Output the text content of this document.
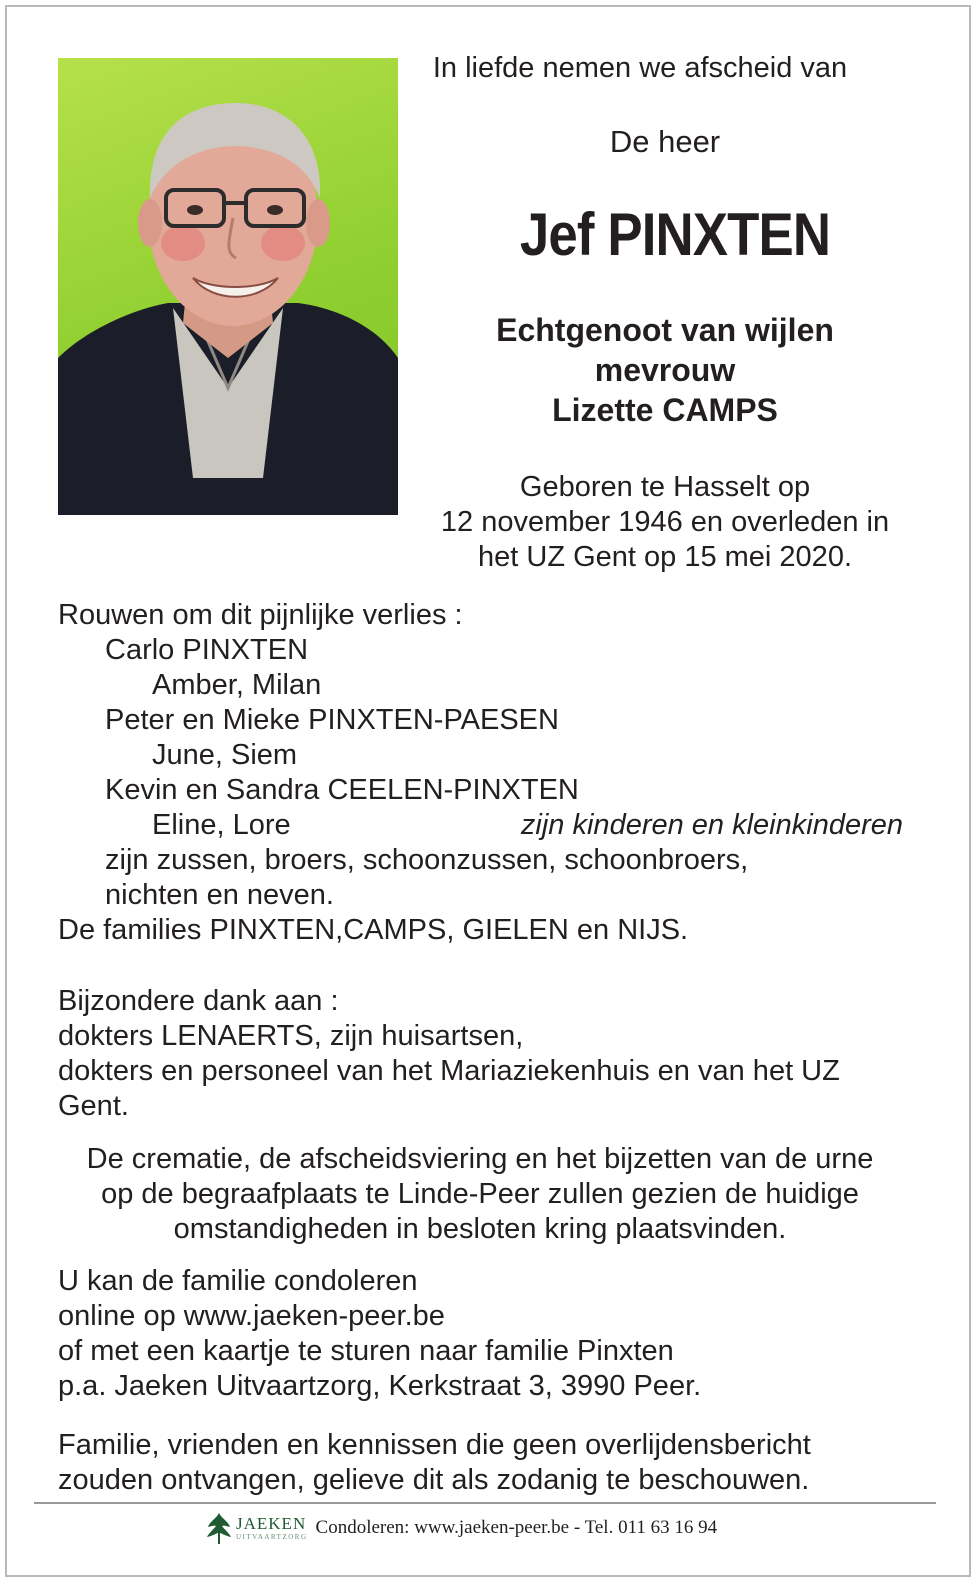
In liefde nemen we afscheid van
De heer
Jef PINXTEN
Echtgenoot van wijlen
mevrouw
Lizette CAMPS
Geboren te Hasselt op
12 november 1946 en overleden in
het UZ Gent op 15 mei 2020.
Rouwen om dit pijnlijke verlies :
Carlo PINXTEN
Amber, Milan
Peter en Mieke PINXTEN-PAESEN
June, Siem
Kevin en Sandra CEELEN-PINXTEN
Eline, Lore	zijn kinderen en kleinkinderen
zijn zussen, broers, schoonzussen, schoonbroers,
nichten en neven.
De families PINXTEN,CAMPS, GIELEN en NIJS.
Bijzondere dank aan :
dokters LENAERTS, zijn huisartsen,
dokters en personeel van het Mariaziekenhuis en van het UZ
Gent.
De crematie, de afscheidsviering en het bijzetten van de urne
op de begraafplaats te Linde-Peer zullen gezien de huidige
omstandigheden in besloten kring plaatsvinden.
U kan de familie condoleren
online op www.jaeken-peer.be
of met een kaartje te sturen naar familie Pinxten
p.a. Jaeken Uitvaartzorg, Kerkstraat 3, 3990 Peer.
Familie, vrienden en kennissen die geen overlijdensbericht
zouden ontvangen, gelieve dit als zodanig te beschouwen.
JAEKEN
UITVAARTZORG Condoleren: www.jaeken-peer.be - Tel. 011 63 16 94
